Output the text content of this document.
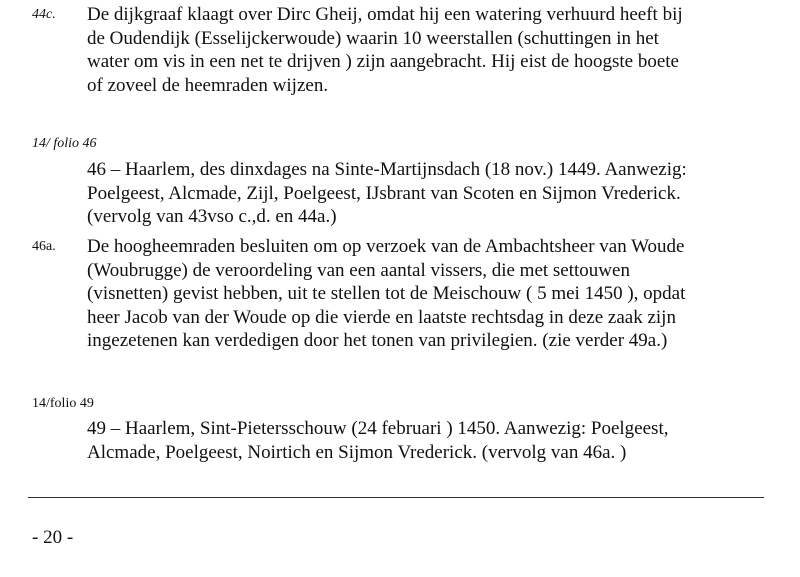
44c. De dijkgraaf klaagt over Dirc Gheij, omdat hij een watering verhuurd heeft bij
de Oudendijk (Esselijckerwoude) waarin 10 weerstallen (schuttingen in het
water om vis in een net te drijven ) zijn aangebracht. Hij eist de hoogste boete
of zoveel de heemraden wijzen.
14/ folio 46
46 – Haarlem, des dinxdages na Sinte-Martijnsdach (18 nov.) 1449. Aanwezig:
Poelgeest, Alcmade, Zijl, Poelgeest, IJsbrant van Scoten en Sijmon Vrederick.
(vervolg van 43vso c.,d. en 44a.)
46a. De hoogheemraden besluiten om op verzoek van de Ambachtsheer van Woude
(Woubrugge) de veroordeling van een aantal vissers, die met settouwen
(visnetten) gevist hebben, uit te stellen tot de Meischouw ( 5 mei 1450 ), opdat
heer Jacob van der Woude op die vierde en laatste rechtsdag in deze zaak zijn
ingezetenen kan verdedigen door het tonen van privilegien. (zie verder 49a.)
14/folio 49
49 – Haarlem, Sint-Pietersschouw (24 februari ) 1450. Aanwezig: Poelgeest,
Alcmade, Poelgeest, Noirtich en Sijmon Vrederick. (vervolg van 46a. )
- 20 -
